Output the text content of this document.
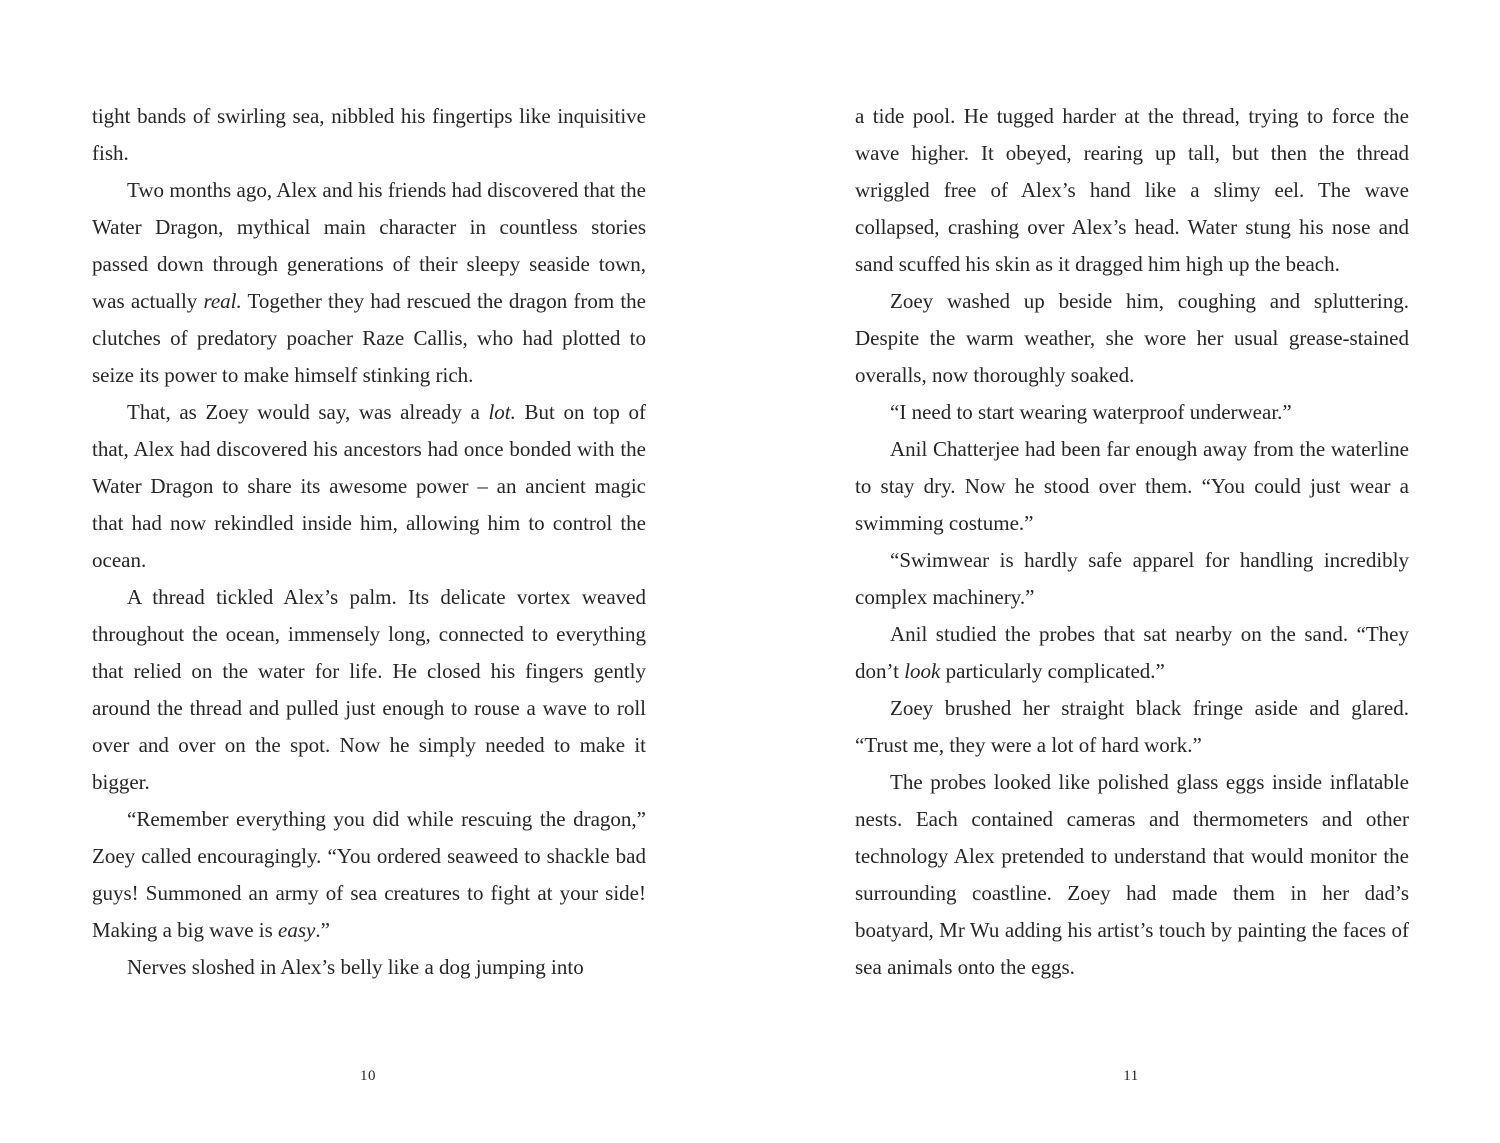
tight bands of swirling sea, nibbled his fingertips like inquisitive fish.

Two months ago, Alex and his friends had discovered that the Water Dragon, mythical main character in countless stories passed down through generations of their sleepy seaside town, was actually real. Together they had rescued the dragon from the clutches of predatory poacher Raze Callis, who had plotted to seize its power to make himself stinking rich.

That, as Zoey would say, was already a lot. But on top of that, Alex had discovered his ancestors had once bonded with the Water Dragon to share its awesome power – an ancient magic that had now rekindled inside him, allowing him to control the ocean.

A thread tickled Alex’s palm. Its delicate vortex weaved throughout the ocean, immensely long, connected to everything that relied on the water for life. He closed his fingers gently around the thread and pulled just enough to rouse a wave to roll over and over on the spot. Now he simply needed to make it bigger.

“Remember everything you did while rescuing the dragon,” Zoey called encouragingly. “You ordered seaweed to shackle bad guys! Summoned an army of sea creatures to fight at your side! Making a big wave is easy.”

Nerves sloshed in Alex’s belly like a dog jumping into

10

a tide pool. He tugged harder at the thread, trying to force the wave higher. It obeyed, rearing up tall, but then the thread wriggled free of Alex’s hand like a slimy eel. The wave collapsed, crashing over Alex’s head. Water stung his nose and sand scuffed his skin as it dragged him high up the beach.

Zoey washed up beside him, coughing and spluttering. Despite the warm weather, she wore her usual grease-stained overalls, now thoroughly soaked.

“I need to start wearing waterproof underwear.”

Anil Chatterjee had been far enough away from the waterline to stay dry. Now he stood over them. “You could just wear a swimming costume.”

“Swimwear is hardly safe apparel for handling incredibly complex machinery.”

Anil studied the probes that sat nearby on the sand. “They don’t look particularly complicated.”

Zoey brushed her straight black fringe aside and glared. “Trust me, they were a lot of hard work.”

The probes looked like polished glass eggs inside inflatable nests. Each contained cameras and thermometers and other technology Alex pretended to understand that would monitor the surrounding coastline. Zoey had made them in her dad’s boatyard, Mr Wu adding his artist’s touch by painting the faces of sea animals onto the eggs.

11
